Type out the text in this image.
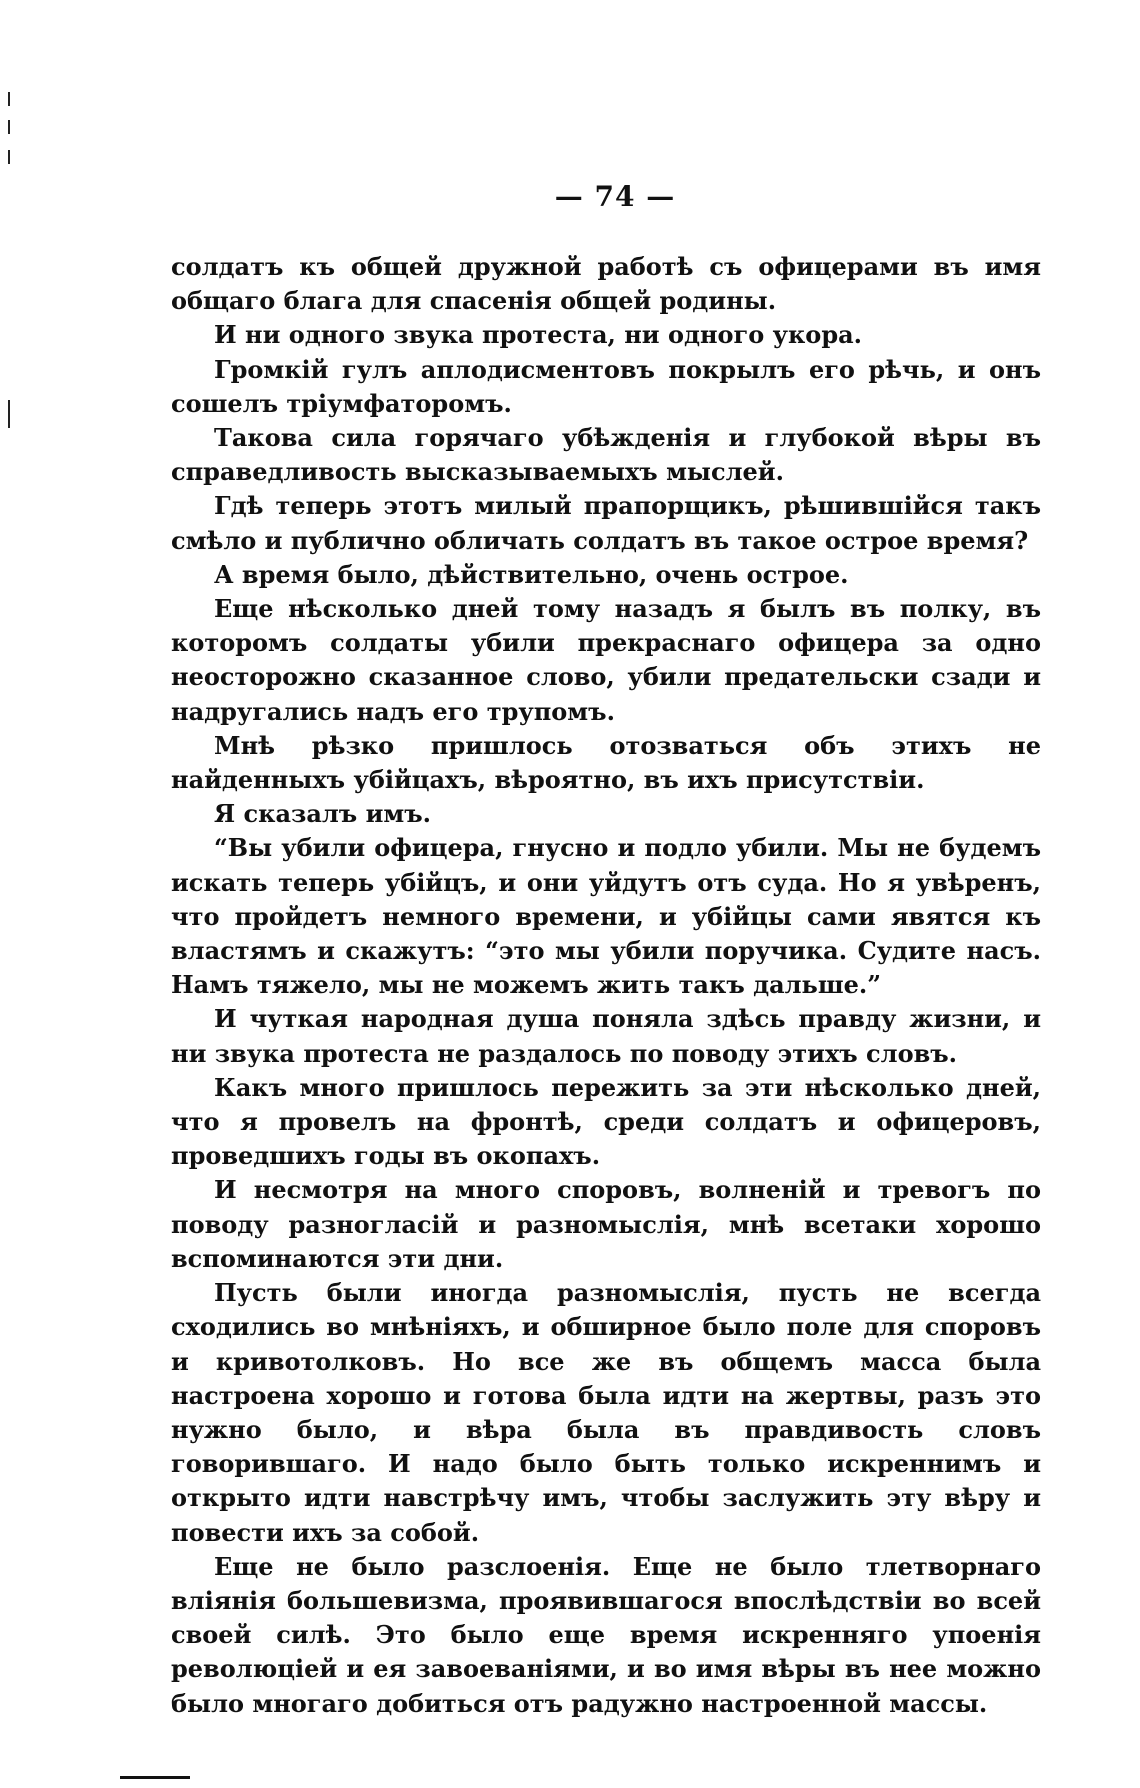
— 74 —

солдатъ къ общей дружной работѣ съ офицерами въ имя общаго блага для спасенія общей родины.

И ни одного звука протеста, ни одного укора.

Громкій гулъ аплодисментовъ покрылъ его рѣчь, и онъ сошелъ тріумфаторомъ.

Такова сила горячаго убѣжденія и глубокой вѣры въ справедливость высказываемыхъ мыслей.

Гдѣ теперь этотъ милый прапорщикъ, рѣшившійся такъ смѣло и публично обличать солдатъ въ такое острое время?

А время было, дѣйствительно, очень острое.

Еще нѣсколько дней тому назадъ я былъ въ полку, въ которомъ солдаты убили прекраснаго офицера за одно неосторожно сказанное слово, убили предательски сзади и надругались надъ его трупомъ.

Мнѣ рѣзко пришлось отозваться объ этихъ не найденныхъ убійцахъ, вѣроятно, въ ихъ присутствіи.

Я сказалъ имъ.

“Вы убили офицера, гнусно и подло убили. Мы не будемъ искать теперь убійцъ, и они уйдутъ отъ суда. Но я увѣренъ, что пройдетъ немного времени, и убійцы сами явятся къ властямъ и скажутъ: “это мы убили поручика. Судите насъ. Намъ тяжело, мы не можемъ жить такъ дальше.”

И чуткая народная душа поняла здѣсь правду жизни, и ни звука протеста не раздалось по поводу этихъ словъ.

Какъ много пришлось пережить за эти нѣсколько дней, что я провелъ на фронтѣ, среди солдатъ и офицеровъ, проведшихъ годы въ окопахъ.

И несмотря на много споровъ, волненій и тревогъ по поводу разногласій и разномыслія, мнѣ всетаки хорошо вспоминаются эти дни.

Пусть были иногда разномыслія, пусть не всегда сходились во мнѣніяхъ, и обширное было поле для споровъ и кривотолковъ. Но все же въ общемъ масса была настроена хорошо и готова была идти на жертвы, разъ это нужно было, и вѣра была въ правдивость словъ говорившаго. И надо было быть только искреннимъ и открыто идти навстрѣчу имъ, чтобы заслужить эту вѣру и повести ихъ за собой.

Еще не было разслоенія. Еще не было тлетворнаго вліянія большевизма, проявившагося впослѣдствіи во всей своей силѣ. Это было еще время искренняго упоенія революціей и ея завоеваніями, и во имя вѣры въ нее можно было многаго добиться отъ радужно настроенной массы.
